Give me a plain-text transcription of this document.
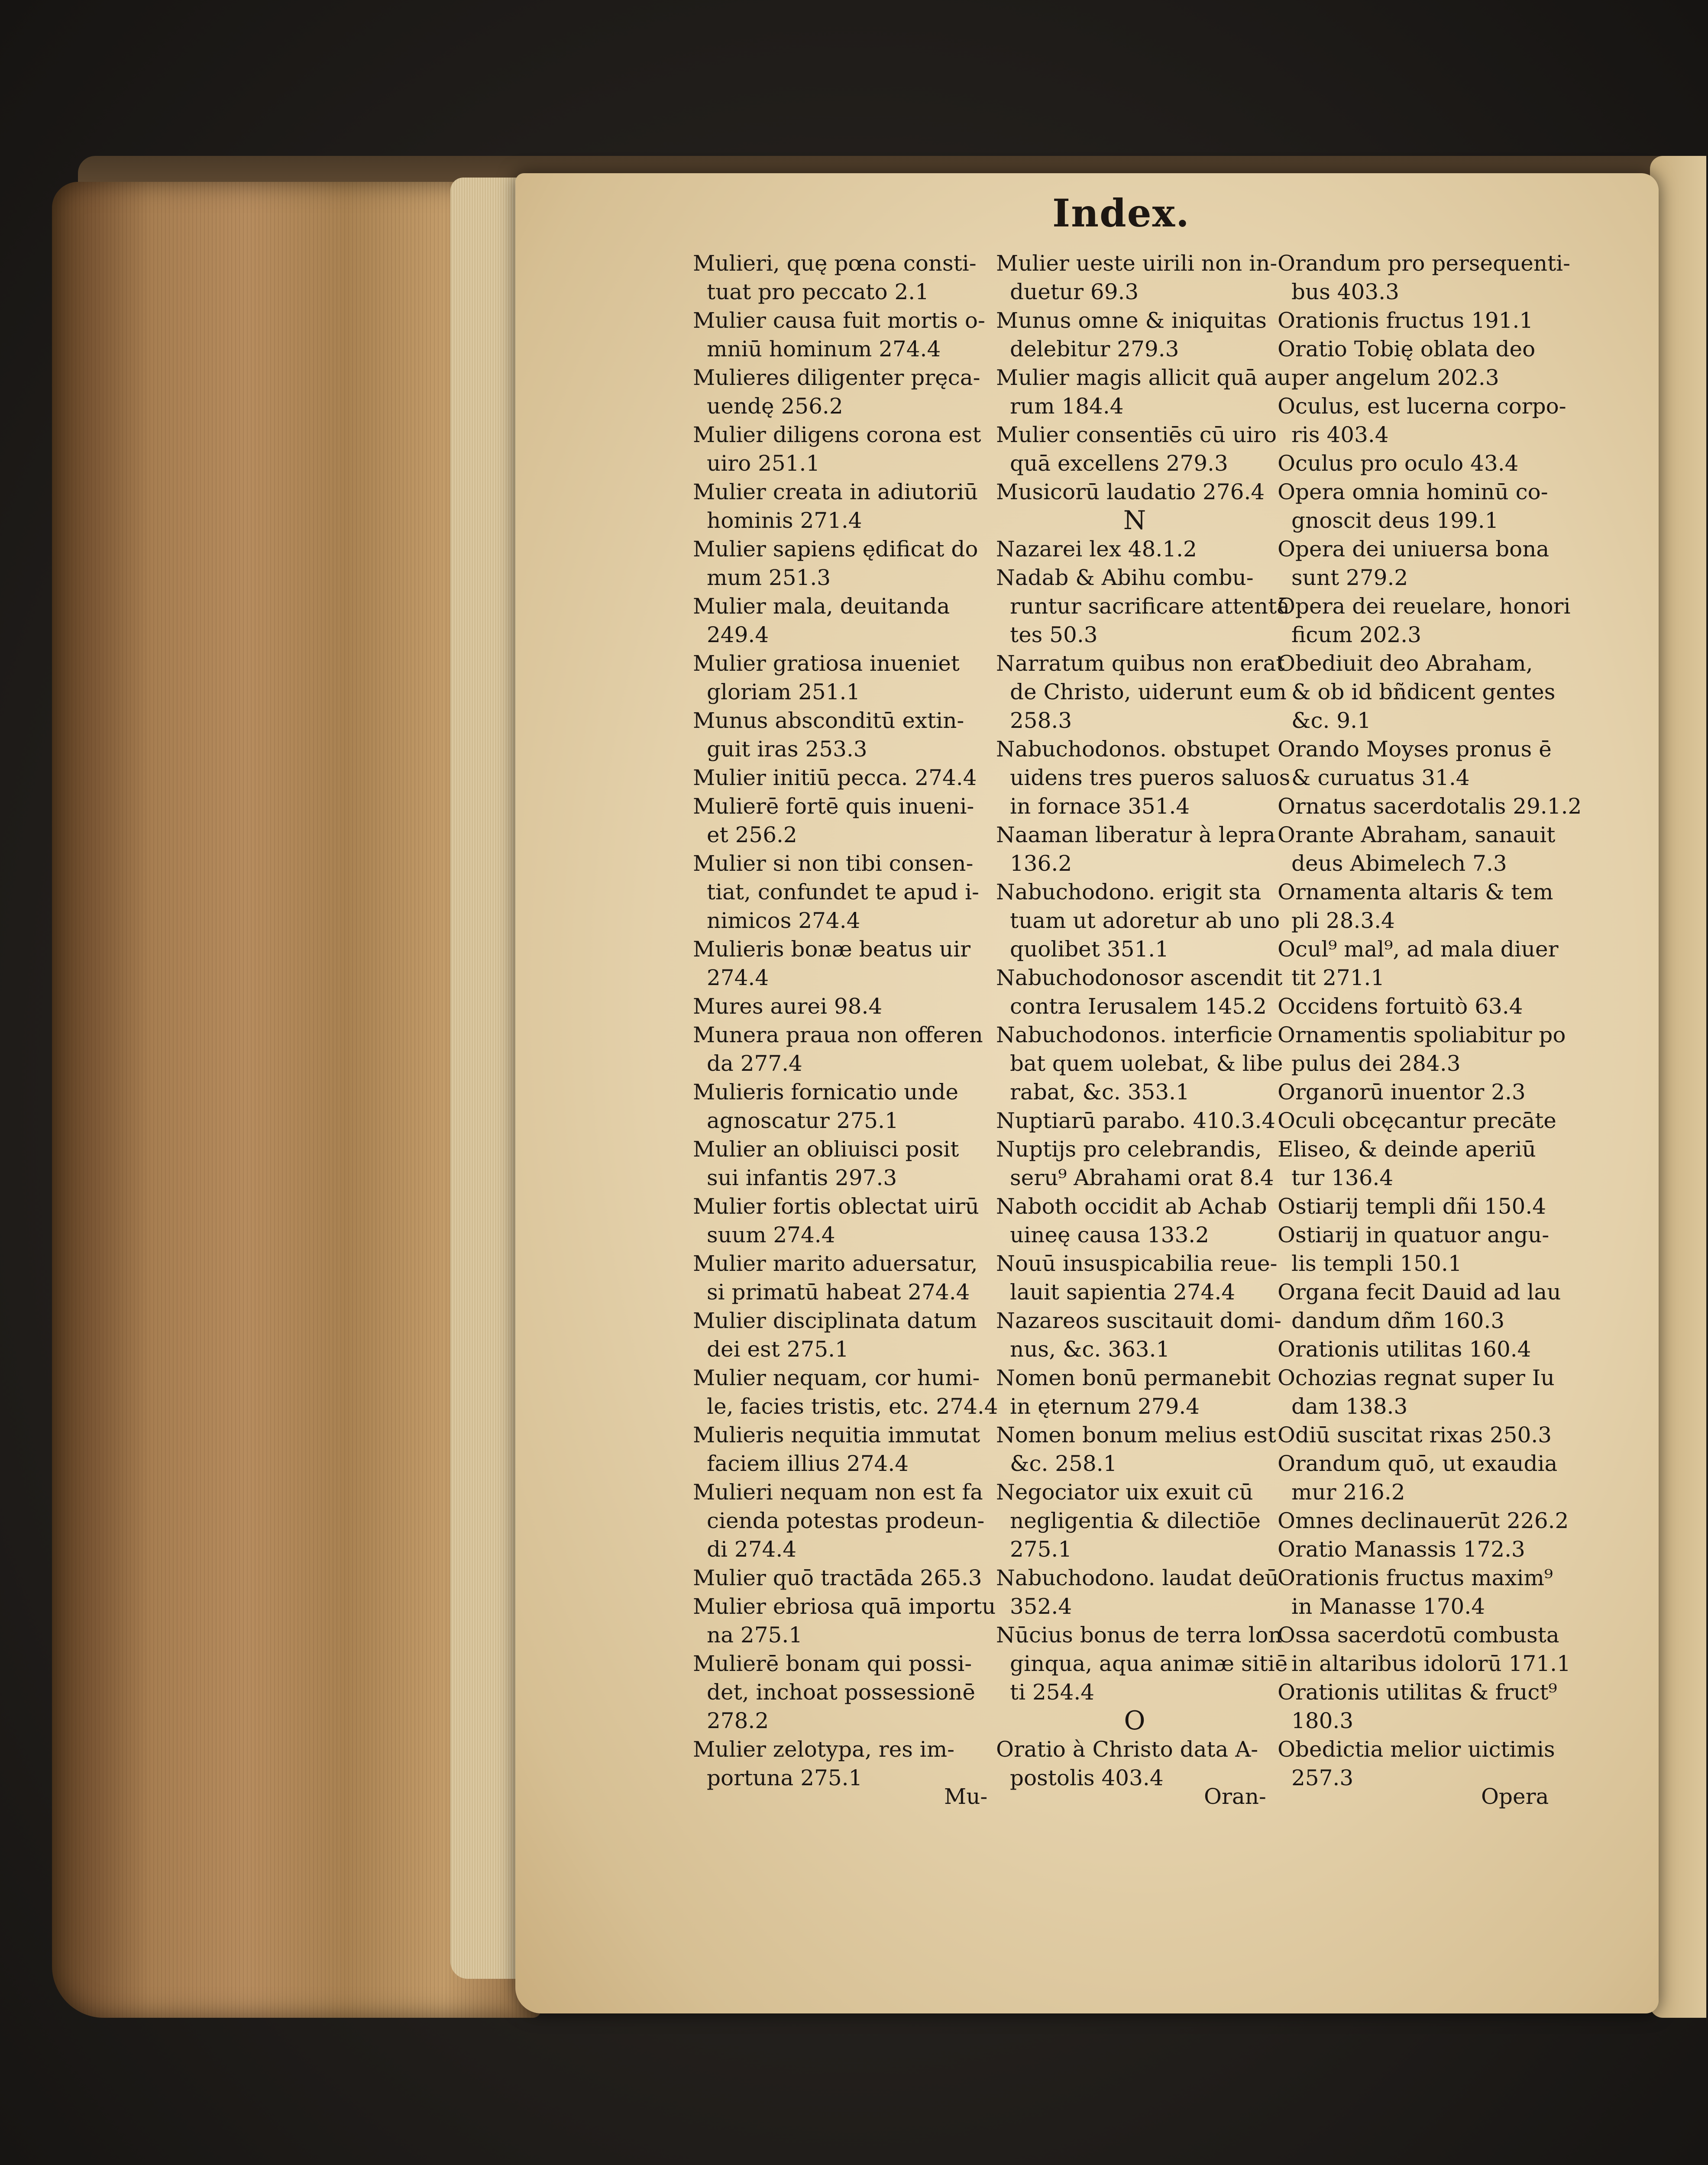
Index.
Mulieri, quę pœna consti-
tuat pro peccato 2.1
Mulier causa fuit mortis o-
mniū hominum 274.4
Mulieres diligenter pręca-
uendę 256.2
Mulier diligens corona est
uiro 251.1
Mulier creata in adiutoriū
hominis 271.4
Mulier sapiens ędificat do
mum 251.3
Mulier mala, deuitanda
249.4
Mulier gratiosa inueniet
gloriam 251.1
Munus absconditū extin-
guit iras 253.3
Mulier initiū pecca. 274.4
Mulierē fortē quis inueni-
et 256.2
Mulier si non tibi consen-
tiat, confundet te apud i-
nimicos 274.4
Mulieris bonæ beatus uir
274.4
Mures aurei 98.4
Munera praua non offeren
da 277.4
Mulieris fornicatio unde
agnoscatur 275.1
Mulier an obliuisci posit
sui infantis 297.3
Mulier fortis oblectat uirū
suum 274.4
Mulier marito aduersatur,
si primatū habeat 274.4
Mulier disciplinata datum
dei est 275.1
Mulier nequam, cor humi-
le, facies tristis, etc. 274.4
Mulieris nequitia immutat
faciem illius 274.4
Mulieri nequam non est fa
cienda potestas prodeun-
di 274.4
Mulier quō tractāda 265.3
Mulier ebriosa quā importu
na 275.1
Mulierē bonam qui possi-
det, inchoat possessionē
278.2
Mulier zelotypa, res im-
portuna 275.1
Mulier ueste uirili non in-
duetur 69.3
Munus omne & iniquitas
delebitur 279.3
Mulier magis allicit quā au
rum 184.4
Mulier consentiēs cū uiro
quā excellens 279.3
Musicorū laudatio 276.4
N
Nazarei lex 48.1.2
Nadab & Abihu combu-
runtur sacrificare attentā
tes 50.3
Narratum quibus non erat
de Christo, uiderunt eum
258.3
Nabuchodonos. obstupet
uidens tres pueros saluos
in fornace 351.4
Naaman liberatur à lepra
136.2
Nabuchodono. erigit sta
tuam ut adoretur ab uno
quolibet 351.1
Nabuchodonosor ascendit
contra Ierusalem 145.2
Nabuchodonos. interficie
bat quem uolebat, & libe
rabat, &c. 353.1
Nuptiarū parabo. 410.3.4
Nuptijs pro celebrandis,
seru⁹ Abrahami orat 8.4
Naboth occidit ab Achab
uineę causa 133.2
Nouū insuspicabilia reue-
lauit sapientia 274.4
Nazareos suscitauit domi-
nus, &c. 363.1
Nomen bonū permanebit
in ęternum 279.4
Nomen bonum melius est
&c. 258.1
Negociator uix exuit cū
negligentia & dilectiōe
275.1
Nabuchodono. laudat deū
352.4
Nūcius bonus de terra lon
ginqua, aqua animæ sitiē
ti 254.4
O
Oratio à Christo data A-
postolis 403.4
Orandum pro persequenti-
bus 403.3
Orationis fructus 191.1
Oratio Tobię oblata deo
per angelum 202.3
Oculus, est lucerna corpo-
ris 403.4
Oculus pro oculo 43.4
Opera omnia hominū co-
gnoscit deus 199.1
Opera dei uniuersa bona
sunt 279.2
Opera dei reuelare, honori
ficum 202.3
Obediuit deo Abraham,
& ob id bñdicent gentes
&c. 9.1
Orando Moyses pronus ē
& curuatus 31.4
Ornatus sacerdotalis 29.1.2
Orante Abraham, sanauit
deus Abimelech 7.3
Ornamenta altaris & tem
pli 28.3.4
Ocul⁹ mal⁹, ad mala diuer
tit 271.1
Occidens fortuitò 63.4
Ornamentis spoliabitur po
pulus dei 284.3
Organorū inuentor 2.3
Oculi obcęcantur precāte
Eliseo, & deinde aperiū
tur 136.4
Ostiarij templi dñi 150.4
Ostiarij in quatuor angu-
lis templi 150.1
Organa fecit Dauid ad lau
dandum dñm 160.3
Orationis utilitas 160.4
Ochozias regnat super Iu
dam 138.3
Odiū suscitat rixas 250.3
Orandum quō, ut exaudia
mur 216.2
Omnes declinauerūt 226.2
Oratio Manassis 172.3
Orationis fructus maxim⁹
in Manasse 170.4
Ossa sacerdotū combusta
in altaribus idolorū 171.1
Orationis utilitas & fruct⁹
180.3
Obedictia melior uictimis
257.3
Mu-	Oran-	Opera
